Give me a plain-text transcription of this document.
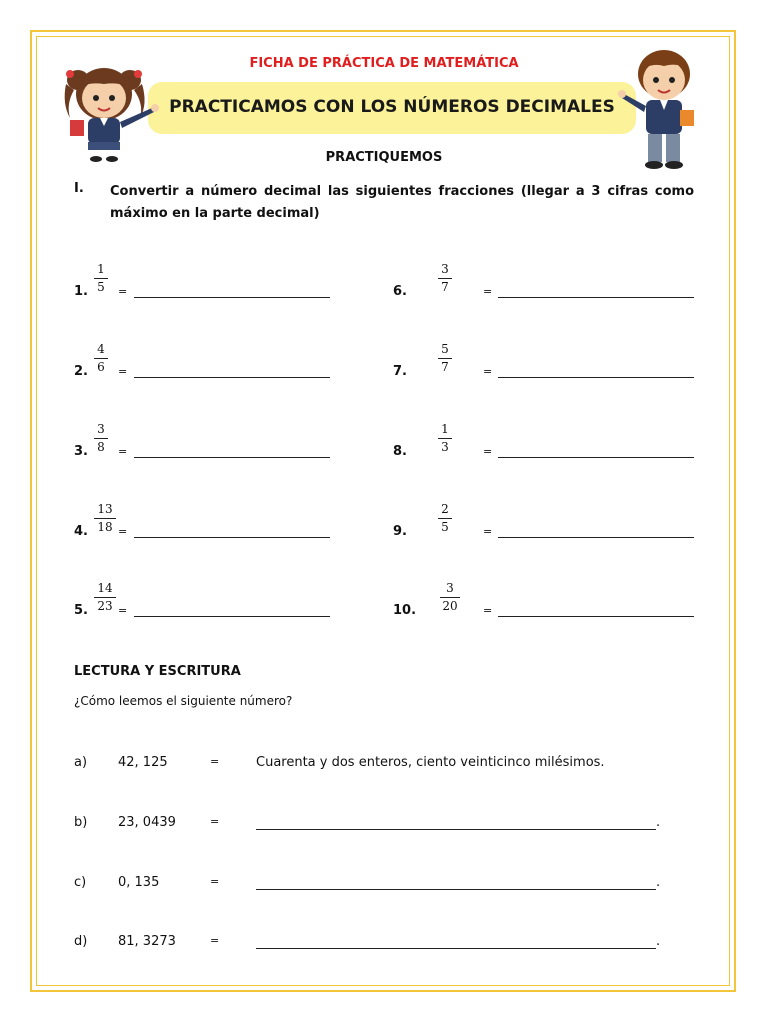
FICHA DE PRÁCTICA DE MATEMÁTICA
PRACTICAMOS CON LOS NÚMEROS DECIMALES
PRACTIQUEMOS
I. Convertir a número decimal las siguientes fracciones (llegar a 3 cifras como máximo en la parte decimal)
1.
1
5 =
2.
4
6 =
3.
3
8 =
4.
13
18 =
5.
14
23 =
6.
3
7	=
7.
5
7	=
8.
1
3	=
9.
2
5	=
10.
3
20 =
LECTURA Y ESCRITURA
¿Cómo leemos el siguiente número?
a) 42, 125	=	Cuarenta y dos enteros, ciento veinticinco milésimos.
b) 23, 0439	=	.
c) 0, 135	=	.
d) 81, 3273	=	.
